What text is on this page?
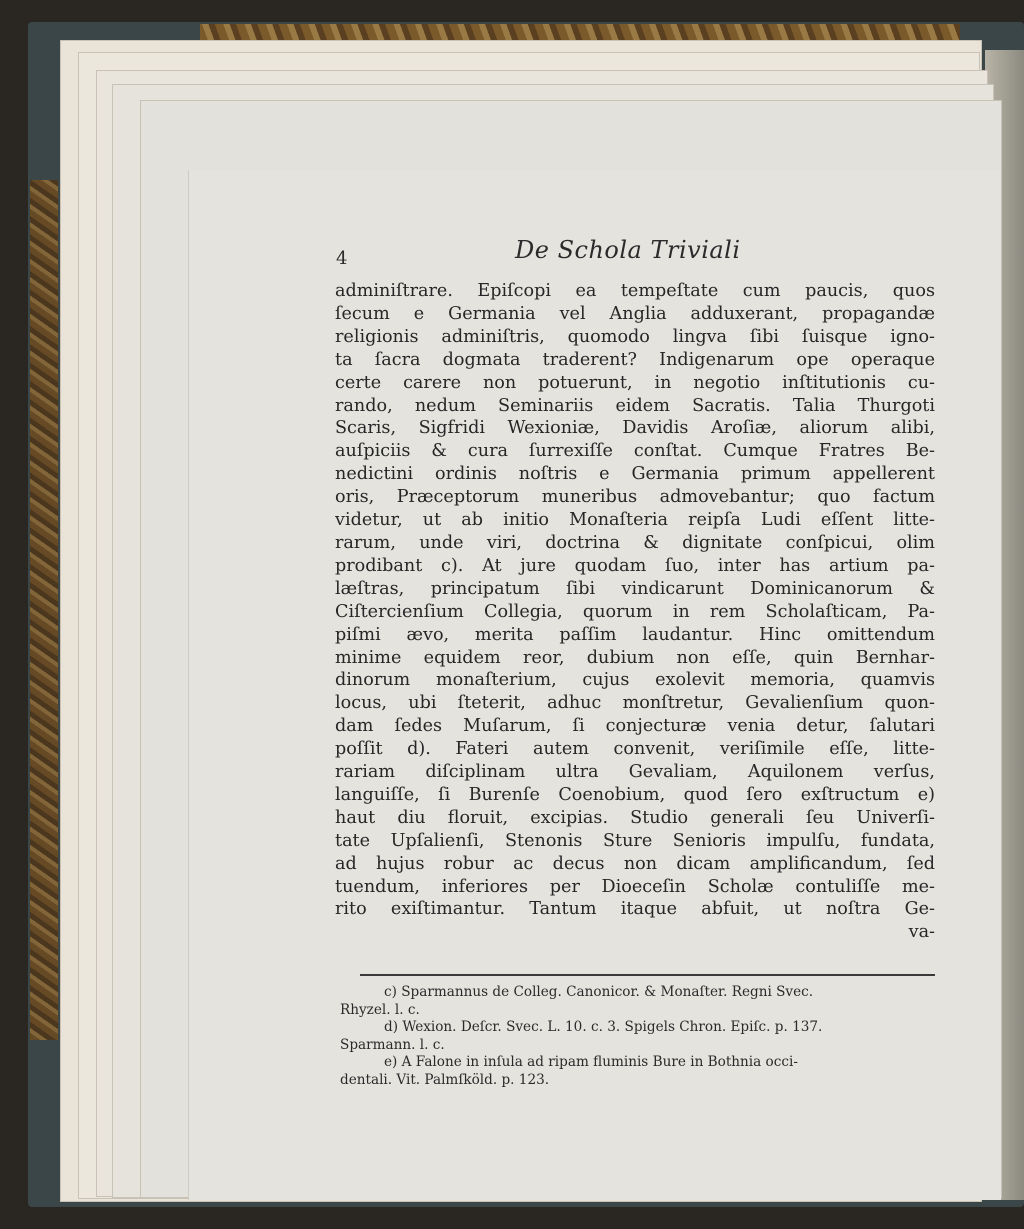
4	De Schola Triviali
adminiſtrare. Epiſcopi ea tempeſtate cum paucis, quos
ſecum e Germania vel Anglia adduxerant, propagandæ
religionis adminiſtris, quomodo lingva ſibi ſuisque igno-
ta ſacra dogmata traderent? Indigenarum ope operaque
certe carere non potuerunt, in negotio inſtitutionis cu-
rando, nedum Seminariis eidem Sacratis. Talia Thurgoti
Scaris, Sigfridi Wexioniæ, Davidis Aroſiæ, aliorum alibi,
auſpiciis & cura ſurrexiſſe conſtat. Cumque Fratres Be-
nedictini ordinis noſtris e Germania primum appellerent
oris, Præceptorum muneribus admovebantur; quo factum
videtur, ut ab initio Monaſteria reipſa Ludi eſſent litte-
rarum, unde viri, doctrina & dignitate conſpicui, olim
prodibant c). At jure quodam ſuo, inter has artium pa-
læſtras, principatum ſibi vindicarunt Dominicanorum &
Ciſtercienſium Collegia, quorum in rem Scholaſticam, Pa-
piſmi ævo, merita paſſim laudantur. Hinc omittendum
minime equidem reor, dubium non eſſe, quin Bernhar-
dinorum monaſterium, cujus exolevit memoria, quamvis
locus, ubi ſteterit, adhuc monſtretur, Gevalienſium quon-
dam ſedes Muſarum, ſi conjecturæ venia detur, ſalutari
poſſit d). Fateri autem convenit, veriſimile eſſe, litte-
rariam diſciplinam ultra Gevaliam, Aquilonem verſus,
languiſſe, ſi Burenſe Coenobium, quod ſero exſtructum e)
haut diu floruit, excipias. Studio generali ſeu Univerſi-
tate Upſalienſi, Stenonis Sture Senioris impulſu, fundata,
ad hujus robur ac decus non dicam amplificandum, ſed
tuendum, inferiores per Dioeceſin Scholæ contuliſſe me-
rito exiſtimantur. Tantum itaque abfuit, ut noſtra Ge-
va-
c) Sparmannus de Colleg. Canonicor. & Monaſter. Regni Svec.
Rhyzel. l. c.
d) Wexion. Deſcr. Svec. L. 10. c. 3. Spigels Chron. Epiſc. p. 137.
Sparmann. l. c.
e) A Falone in inſula ad ripam fluminis Bure in Bothnia occi-
dentali. Vit. Palmſköld. p. 123.
